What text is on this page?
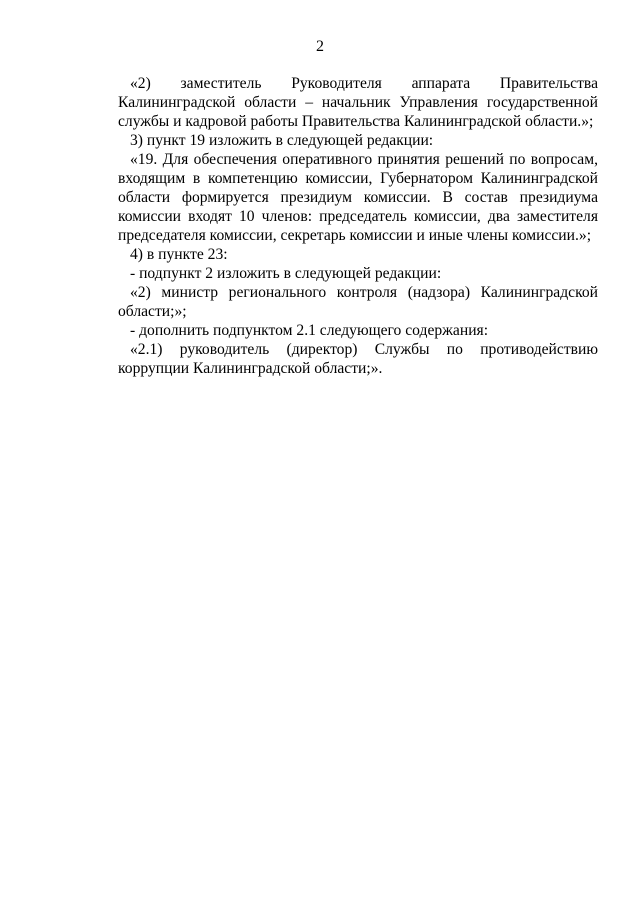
2

«2) заместитель Руководителя аппарата Правительства Калининградской области – начальник Управления государственной службы и кадровой работы Правительства Калининградской области.»;

3) пункт 19 изложить в следующей редакции:

«19. Для обеспечения оперативного принятия решений по вопросам, входящим в компетенцию комиссии, Губернатором Калининградской области формируется президиум комиссии. В состав президиума комиссии входят 10 членов: председатель комиссии, два заместителя председателя комиссии, секретарь комиссии и иные члены комиссии.»;

4) в пункте 23:

- подпункт 2 изложить в следующей редакции:

«2) министр регионального контроля (надзора) Калининградской области;»;

- дополнить подпунктом 2.1 следующего содержания:

«2.1) руководитель (директор) Службы по противодействию коррупции Калининградской области;».
